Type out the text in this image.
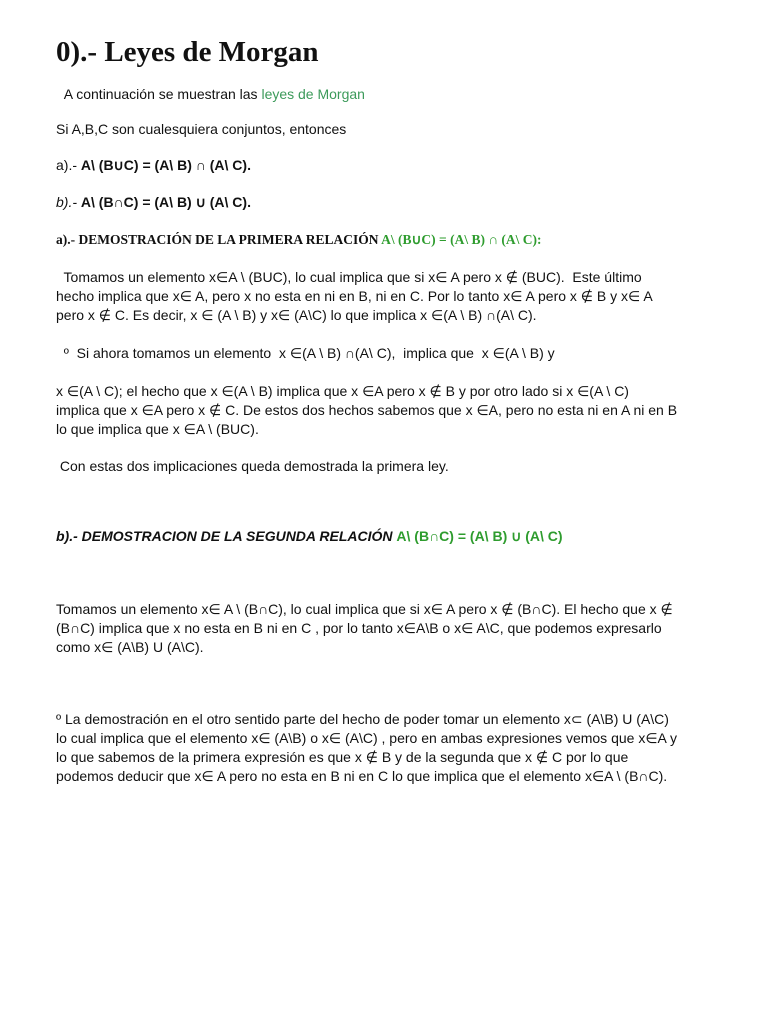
0).- Leyes de Morgan
A continuación se muestran las leyes de Morgan
Si A,B,C son cualesquiera conjuntos, entonces
a).- A\ (B∪C) = (A\ B) ∩ (A\ C).
b).- A\ (B∩C) = (A\ B) ∪ (A\ C).
a).- DEMOSTRACIÓN DE LA PRIMERA RELACIÓN A\ (B∪C) = (A\ B) ∩ (A\ C):
Tomamos un elemento x∈A \ (BUC), lo cual implica que si x∈ A pero x ∉ (BUC).  Este último
hecho implica que x∈ A, pero x no esta en ni en B, ni en C. Por lo tanto x∈ A pero x ∉ B y x∈ A
pero x ∉ C. Es decir, x ∈ (A \ B) y x∈ (A\C) lo que implica x ∈(A \ B) ∩(A\ C).
º  Si ahora tomamos un elemento  x ∈(A \ B) ∩(A\ C),  implica que  x ∈(A \ B) y
x ∈(A \ C); el hecho que x ∈(A \ B) implica que x ∈A pero x ∉ B y por otro lado si x ∈(A \ C)
implica que x ∈A pero x ∉ C. De estos dos hechos sabemos que x ∈A, pero no esta ni en A ni en B
lo que implica que x ∈A \ (BUC).
Con estas dos implicaciones queda demostrada la primera ley.
b).- DEMOSTRACION DE LA SEGUNDA RELACIÓN A\ (B∩C) = (A\ B) ∪ (A\ C)
Tomamos un elemento x∈ A \ (B∩C), lo cual implica que si x∈ A pero x ∉ (B∩C). El hecho que x ∉
(B∩C) implica que x no esta en B ni en C , por lo tanto x∈A\B o x∈ A\C, que podemos expresarlo
como x∈ (A\B) U (A\C).
º La demostración en el otro sentido parte del hecho de poder tomar un elemento x⊂ (A\B) U (A\C)
lo cual implica que el elemento x∈ (A\B) o x∈ (A\C) , pero en ambas expresiones vemos que x∈A y
lo que sabemos de la primera expresión es que x ∉ B y de la segunda que x ∉ C por lo que
podemos deducir que x∈ A pero no esta en B ni en C lo que implica que el elemento x∈A \ (B∩C).
